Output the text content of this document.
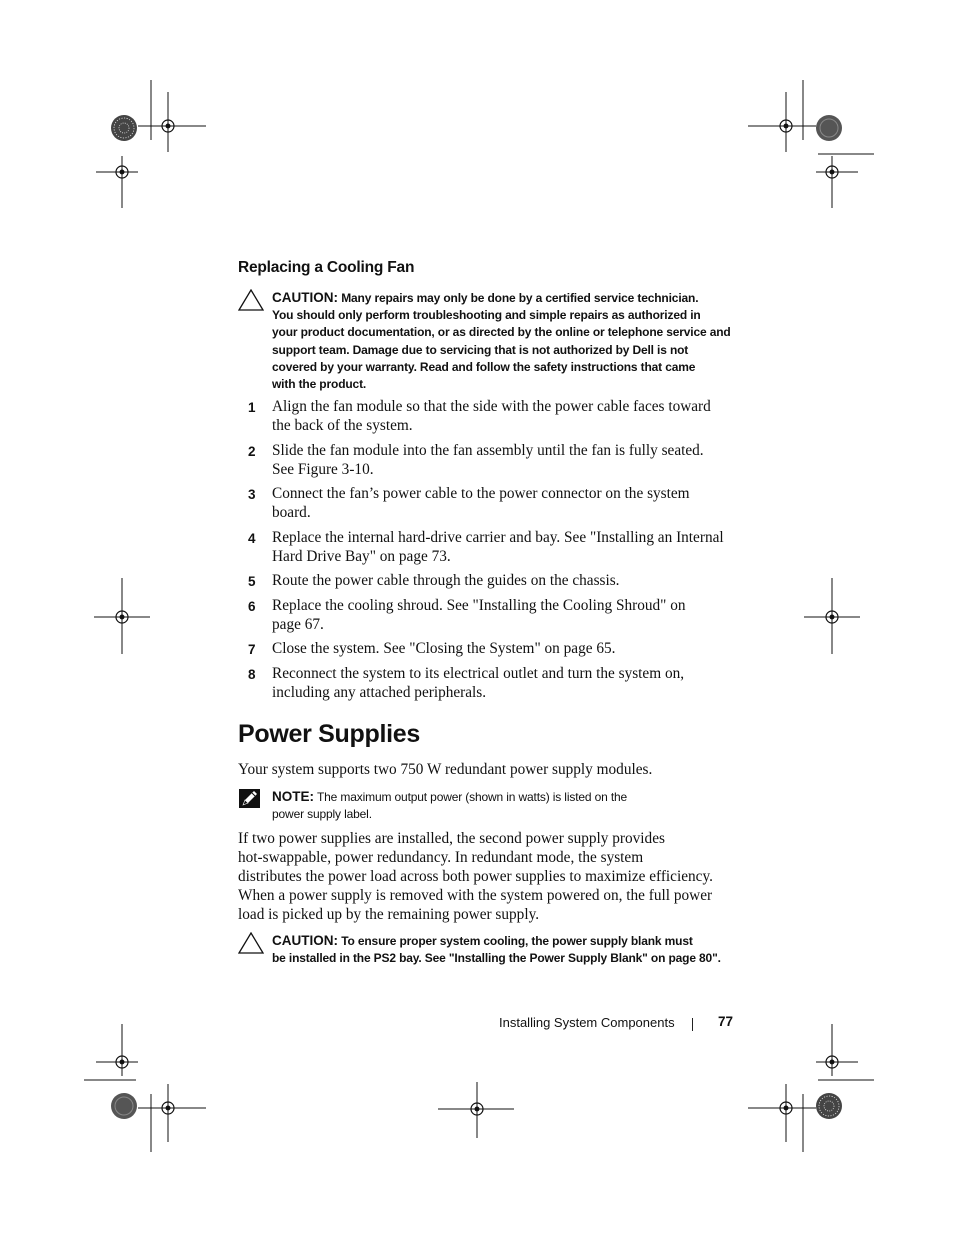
Replacing a Cooling Fan
CAUTION: Many repairs may only be done by a certified service technician.
You should only perform troubleshooting and simple repairs as authorized in
your product documentation, or as directed by the online or telephone service and
support team. Damage due to servicing that is not authorized by Dell is not
covered by your warranty. Read and follow the safety instructions that came
with the product.
1 Align the fan module so that the side with the power cable faces toward
the back of the system.
2 Slide the fan module into the fan assembly until the fan is fully seated.
See Figure 3-10.
3 Connect the fan’s power cable to the power connector on the system
board.
4 Replace the internal hard-drive carrier and bay. See "Installing an Internal
Hard Drive Bay" on page 73.
5 Route the power cable through the guides on the chassis.
6 Replace the cooling shroud. See "Installing the Cooling Shroud" on
page 67.
7 Close the system. See "Closing the System" on page 65.
8 Reconnect the system to its electrical outlet and turn the system on,
including any attached peripherals.
Power Supplies
Your system supports two 750 W redundant power supply modules.
NOTE: The maximum output power (shown in watts) is listed on the
power supply label.
If two power supplies are installed, the second power supply provides
hot-swappable, power redundancy. In redundant mode, the system
distributes the power load across both power supplies to maximize efficiency.
When a power supply is removed with the system powered on, the full power
load is picked up by the remaining power supply.
CAUTION: To ensure proper system cooling, the power supply blank must
be installed in the PS2 bay. See "Installing the Power Supply Blank" on page 80".
Installing System Components	77
